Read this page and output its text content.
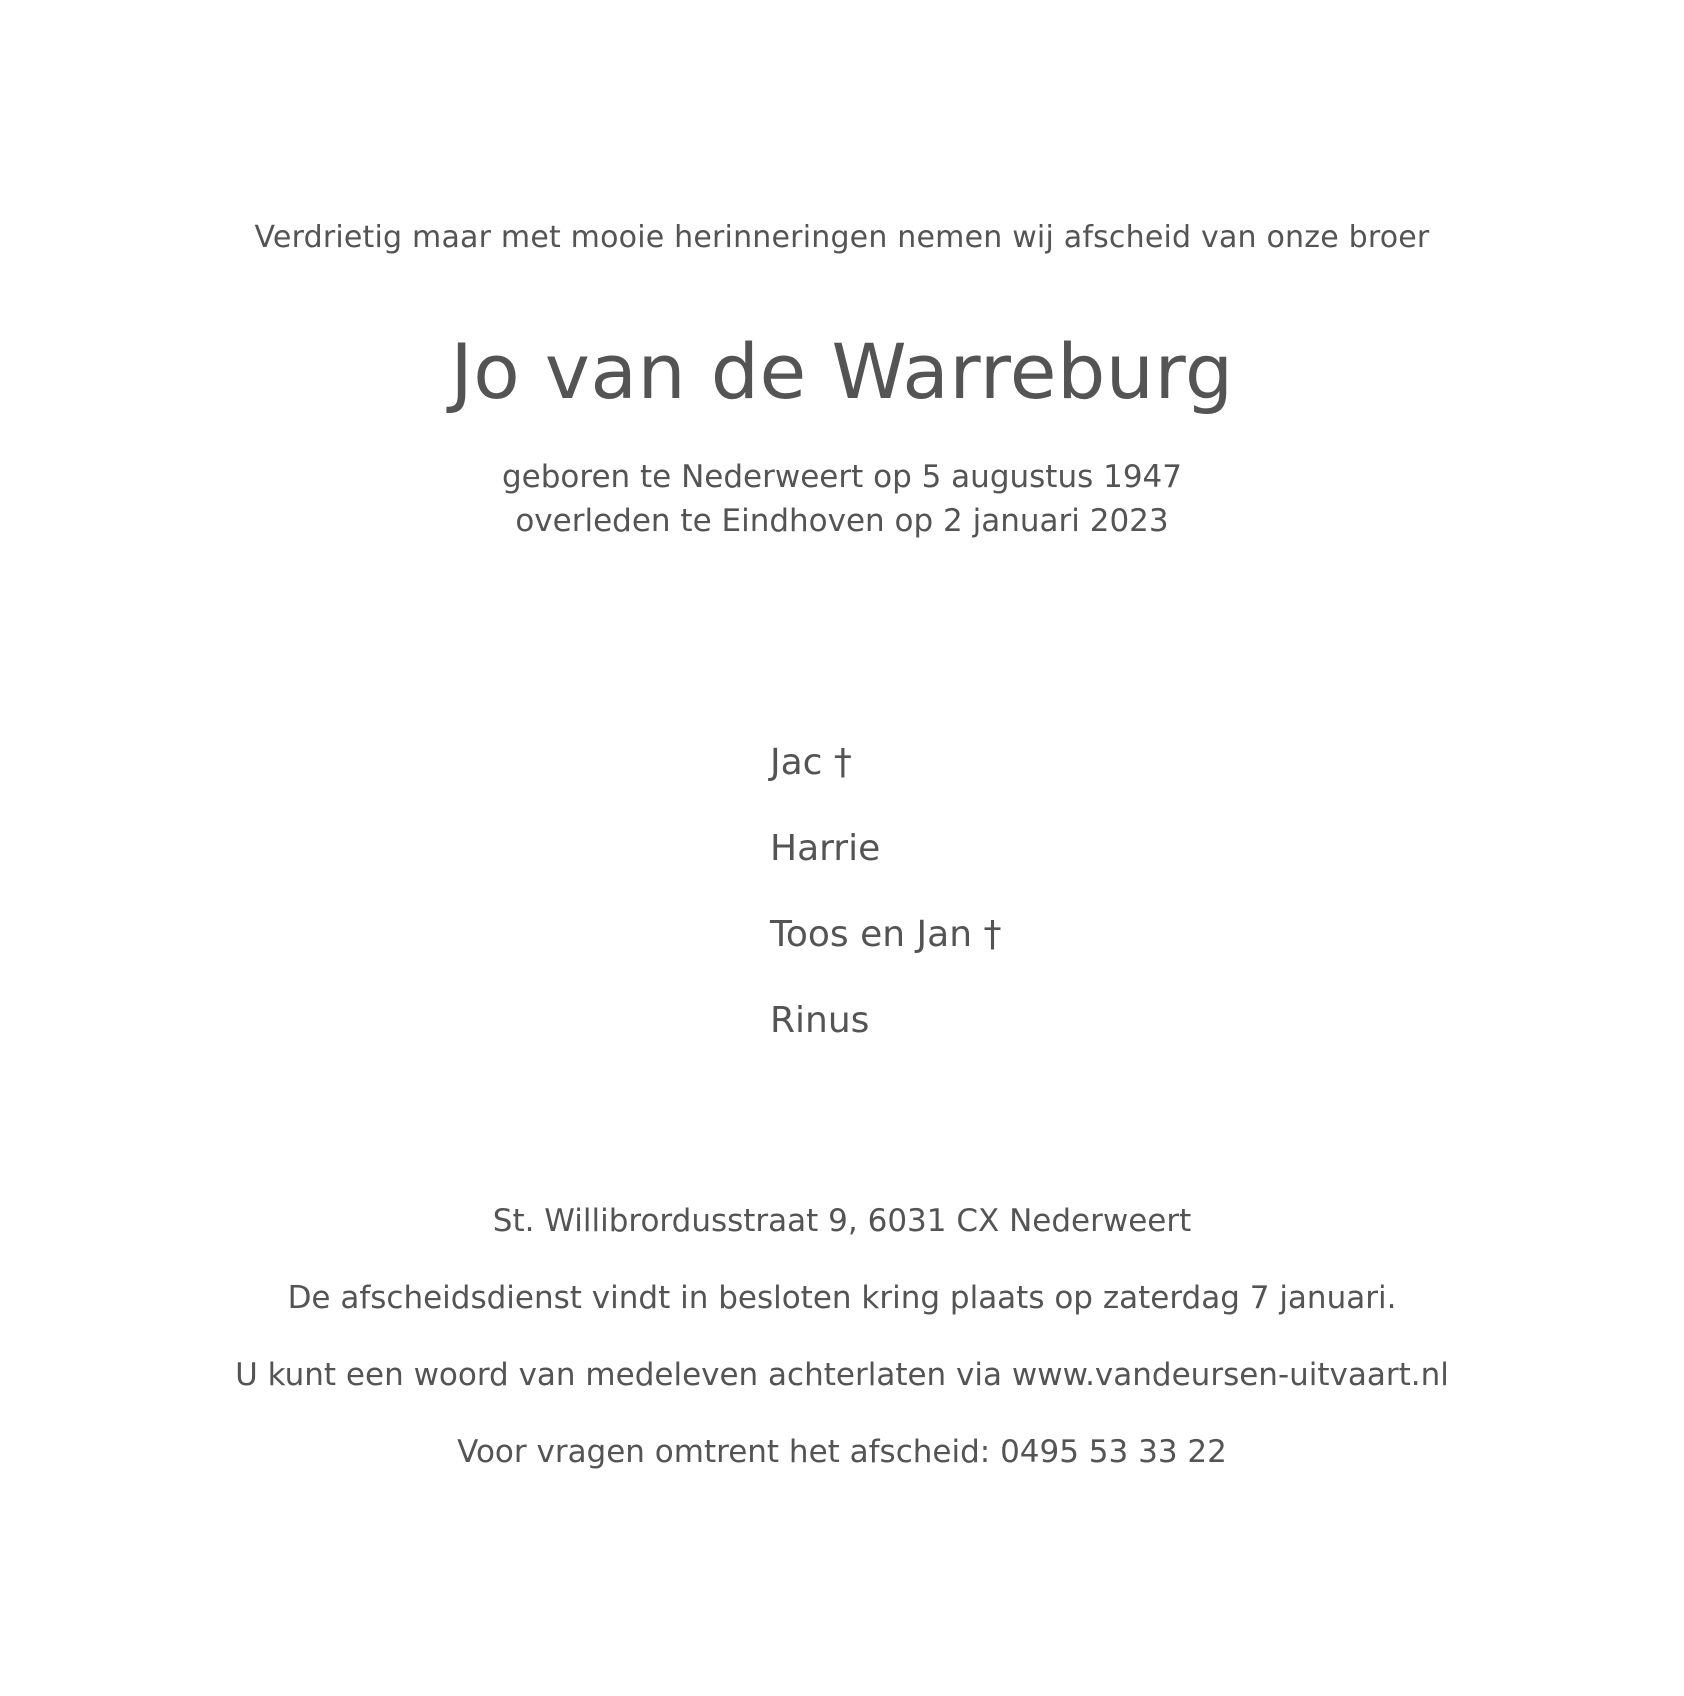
Verdrietig maar met mooie herinneringen nemen wij afscheid van onze broer
Jo van de Warreburg
geboren te Nederweert op 5 augustus 1947
overleden te Eindhoven op 2 januari 2023
Jac †
Harrie
Toos en Jan †
Rinus
St. Willibrordusstraat 9, 6031 CX Nederweert
De afscheidsdienst vindt in besloten kring plaats op zaterdag 7 januari.
U kunt een woord van medeleven achterlaten via www.vandeursen-uitvaart.nl
Voor vragen omtrent het afscheid: 0495 53 33 22
